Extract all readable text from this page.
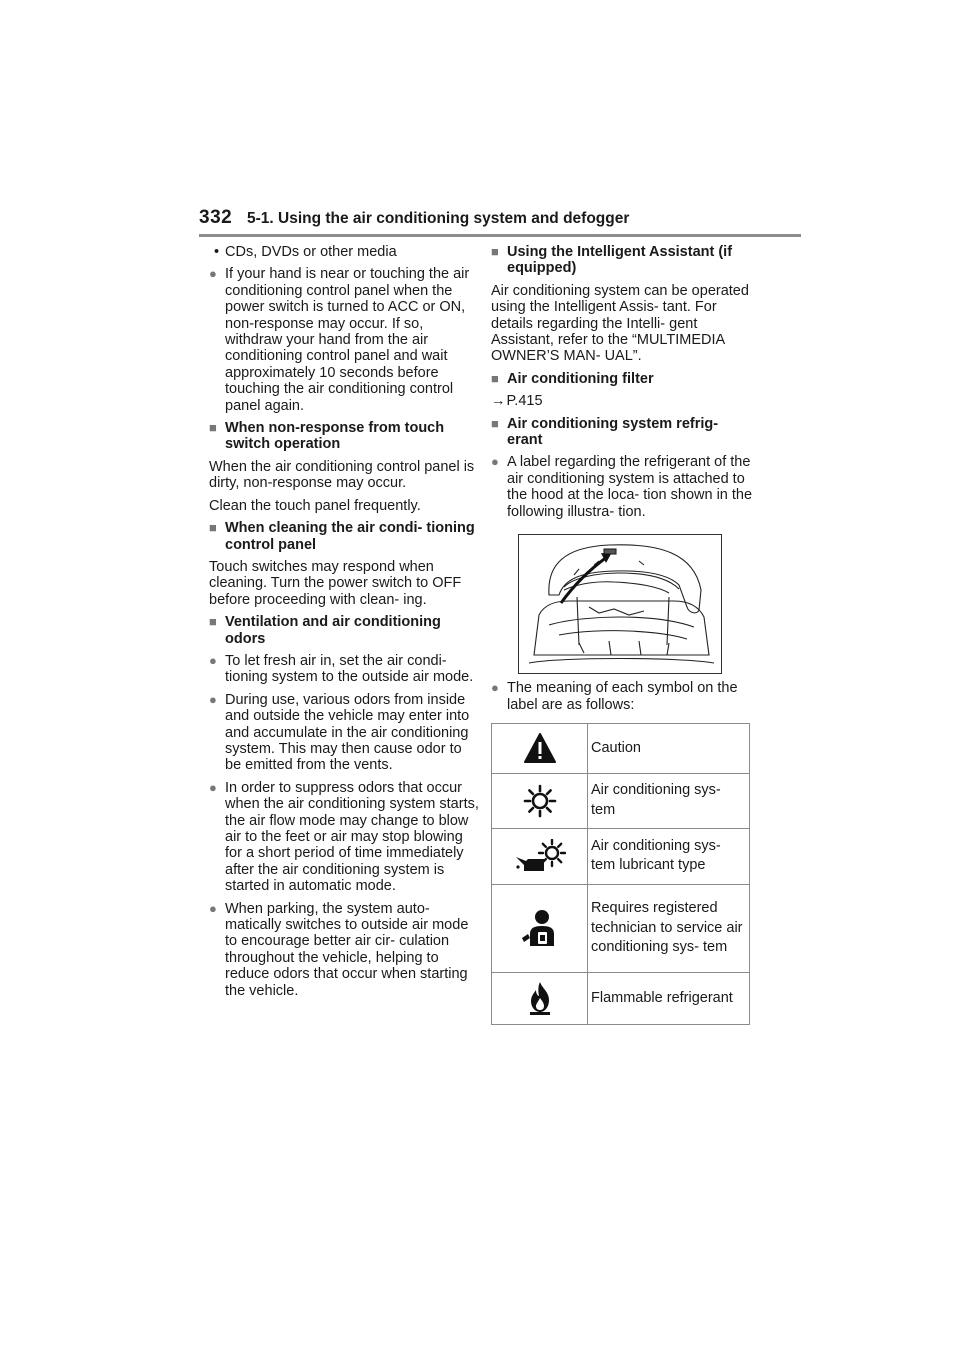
332 5-1. Using the air conditioning system and defogger
• CDs, DVDs or other media
● If your hand is near or touching the air conditioning control panel when the power switch is turned to ACC or ON, non-response may occur. If so, withdraw your hand from the air conditioning control panel and wait approximately 10 seconds before touching the air conditioning control panel again.
■ When non-response from touch switch operation
When the air conditioning control panel is dirty, non-response may occur.
Clean the touch panel frequently.
■ When cleaning the air condi- tioning control panel
Touch switches may respond when cleaning. Turn the power switch to OFF before proceeding with clean- ing.
■ Ventilation and air conditioning odors
● To let fresh air in, set the air condi- tioning system to the outside air mode.
● During use, various odors from inside and outside the vehicle may enter into and accumulate in the air conditioning system. This may then cause odor to be emitted from the vents.
● In order to suppress odors that occur when the air conditioning system starts, the air flow mode may change to blow air to the feet or air may stop blowing for a short period of time immediately after the air conditioning system is started in automatic mode.
● When parking, the system auto- matically switches to outside air mode to encourage better air cir- culation throughout the vehicle, helping to reduce odors that occur when starting the vehicle.
■ Using the Intelligent Assistant (if equipped)
Air conditioning system can be operated using the Intelligent Assis- tant. For details regarding the Intelli- gent Assistant, refer to the “MULTIMEDIA OWNER’S MAN- UAL”.
■ Air conditioning filter
→P.415
■ Air conditioning system refrig- erant
● A label regarding the refrigerant of the air conditioning system is attached to the hood at the loca- tion shown in the following illustra- tion.
● The meaning of each symbol on the label are as follows:
	Caution
	Air conditioning sys- tem
	Air conditioning sys- tem lubricant type
	Requires registered technician to service air conditioning sys- tem
	Flammable refrigerant
